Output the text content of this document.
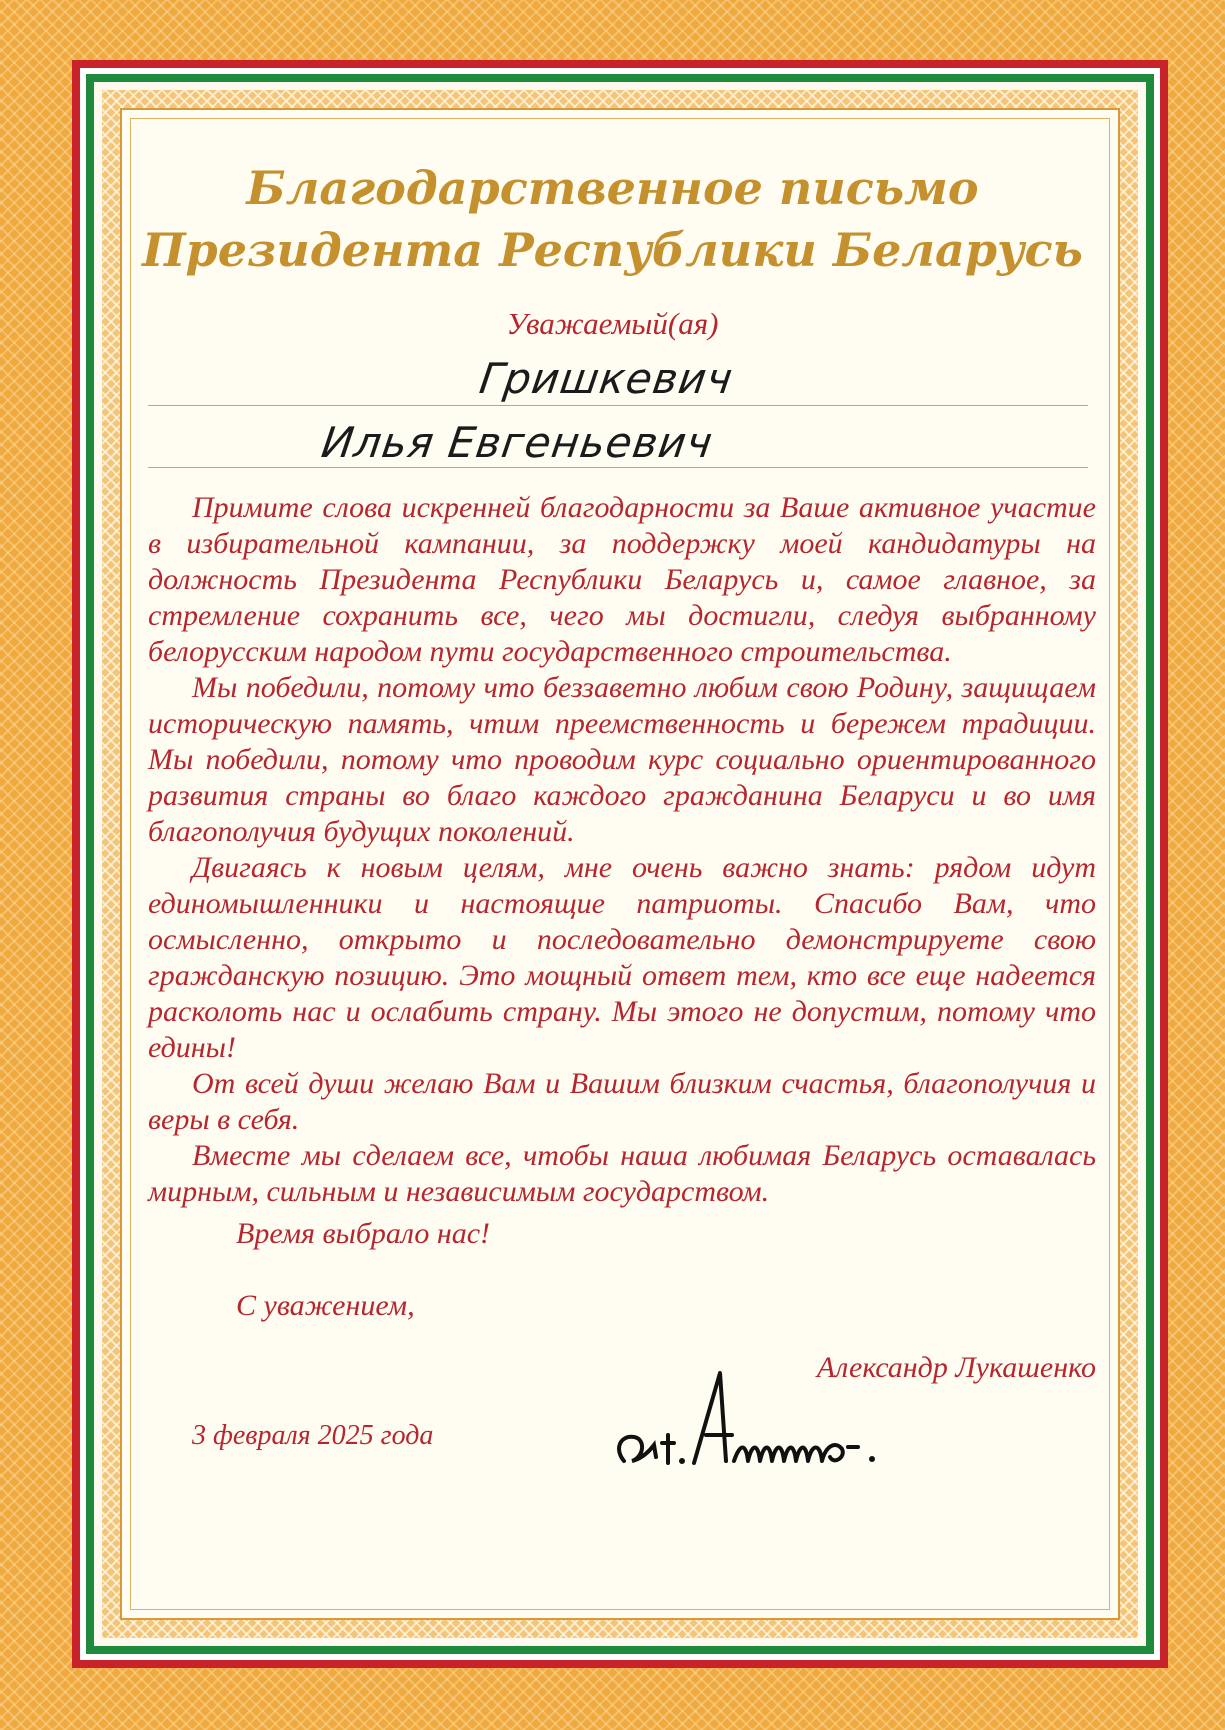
Благодарственное письмо
Президента Республики Беларусь

Уважаемый(ая)

Гришкевич

Илья Евгеньевич

Примите слова искренней благодарности за Ваше активное участие в избирательной кампании, за поддержку моей кандидатуры на должность Президента Республики Беларусь и, самое главное, за стремление сохранить все, чего мы достигли, следуя выбранному белорусским народом пути государственного строительства.

Мы победили, потому что беззаветно любим свою Родину, защищаем историческую память, чтим преемственность и бережем традиции. Мы победили, потому что проводим курс социально ориентированного развития страны во благо каждого гражданина Беларуси и во имя благополучия будущих поколений.

Двигаясь к новым целям, мне очень важно знать: рядом идут единомышленники и настоящие патриоты. Спасибо Вам, что осмысленно, открыто и последовательно демонстрируете свою гражданскую позицию. Это мощный ответ тем, кто все еще надеется расколоть нас и ослабить страну. Мы этого не допустим, потому что едины!

От всей души желаю Вам и Вашим близким счастья, благополучия и веры в себя.

Вместе мы сделаем все, чтобы наша любимая Беларусь оставалась мирным, сильным и независимым государством.

Время выбрало нас!

С уважением,

Александр Лукашенко

3 февраля 2025 года
